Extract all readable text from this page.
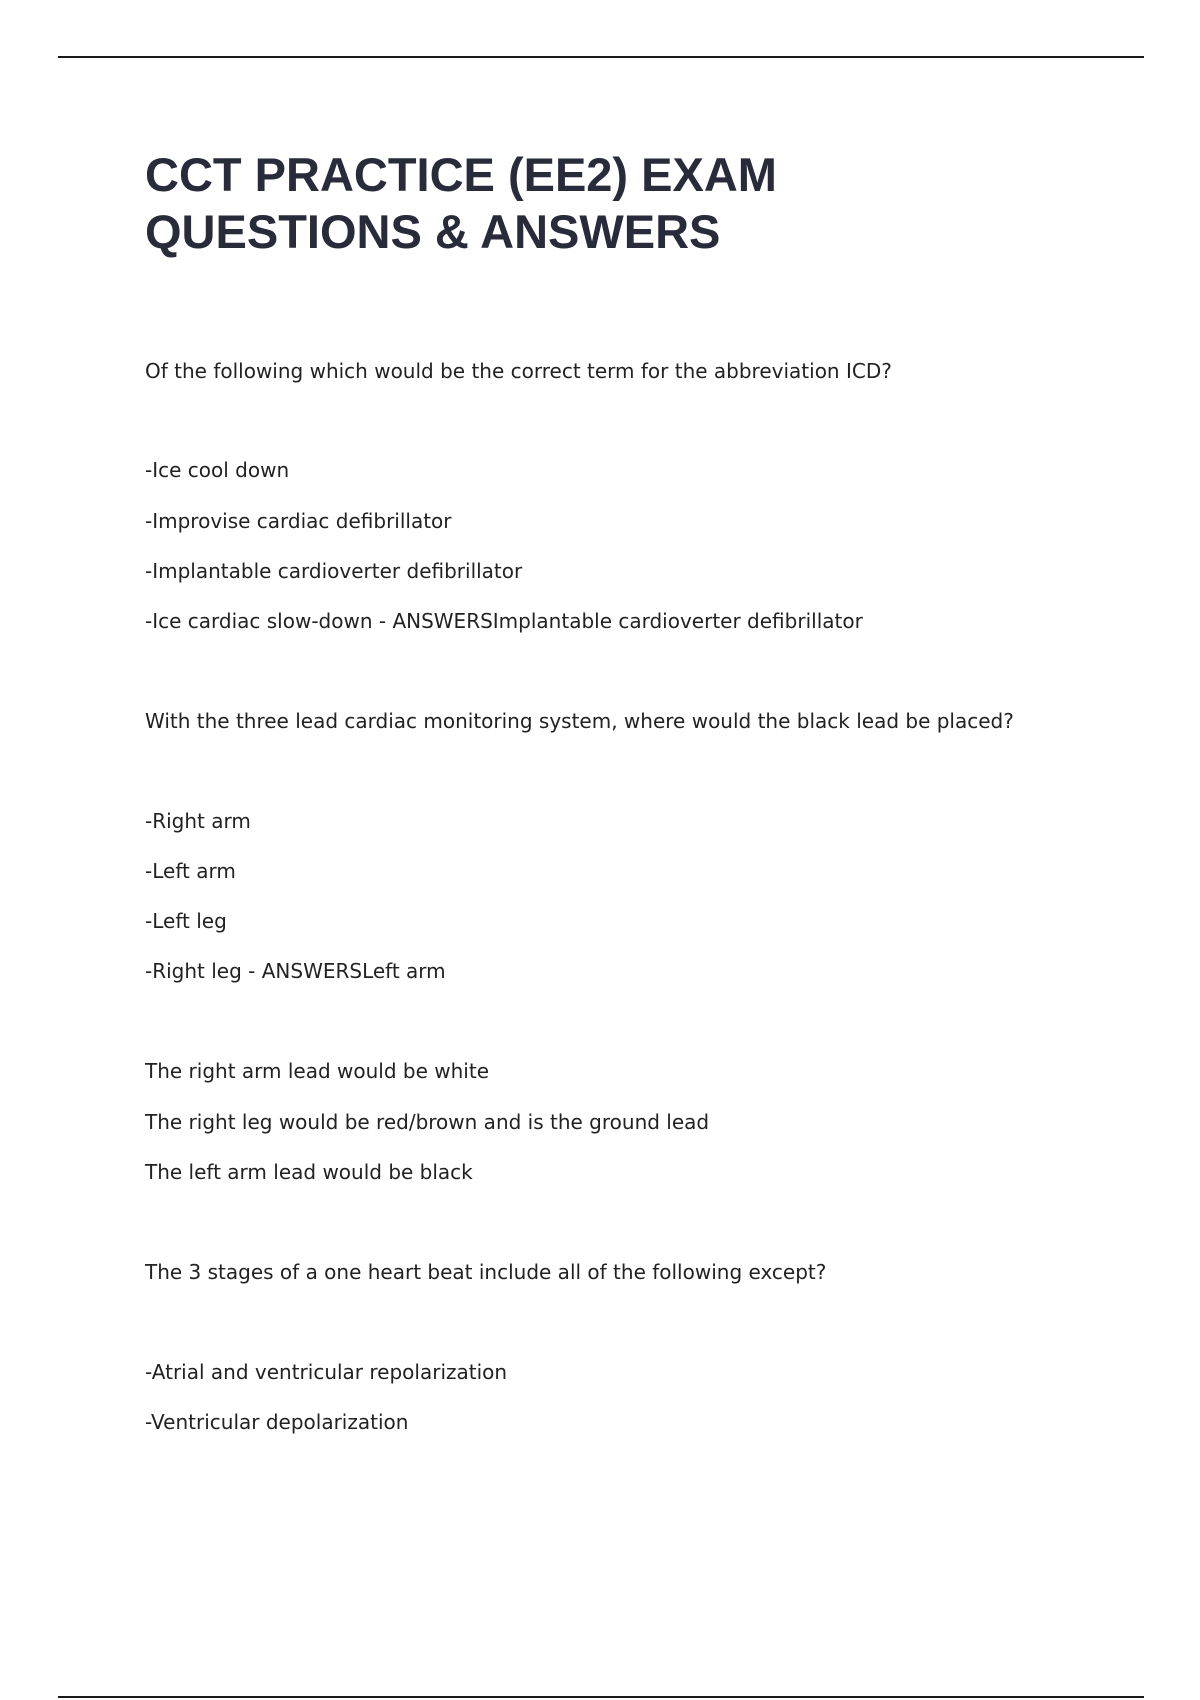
CCT PRACTICE (EE2) EXAM QUESTIONS & ANSWERS

Of the following which would be the correct term for the abbreviation ICD?

-Ice cool down

-Improvise cardiac defibrillator

-Implantable cardioverter defibrillator

-Ice cardiac slow-down - ANSWERSImplantable cardioverter defibrillator

With the three lead cardiac monitoring system, where would the black lead be placed?

-Right arm

-Left arm

-Left leg

-Right leg - ANSWERSLeft arm

The right arm lead would be white

The right leg would be red/brown and is the ground lead

The left arm lead would be black

The 3 stages of a one heart beat include all of the following except?

-Atrial and ventricular repolarization

-Ventricular depolarization
